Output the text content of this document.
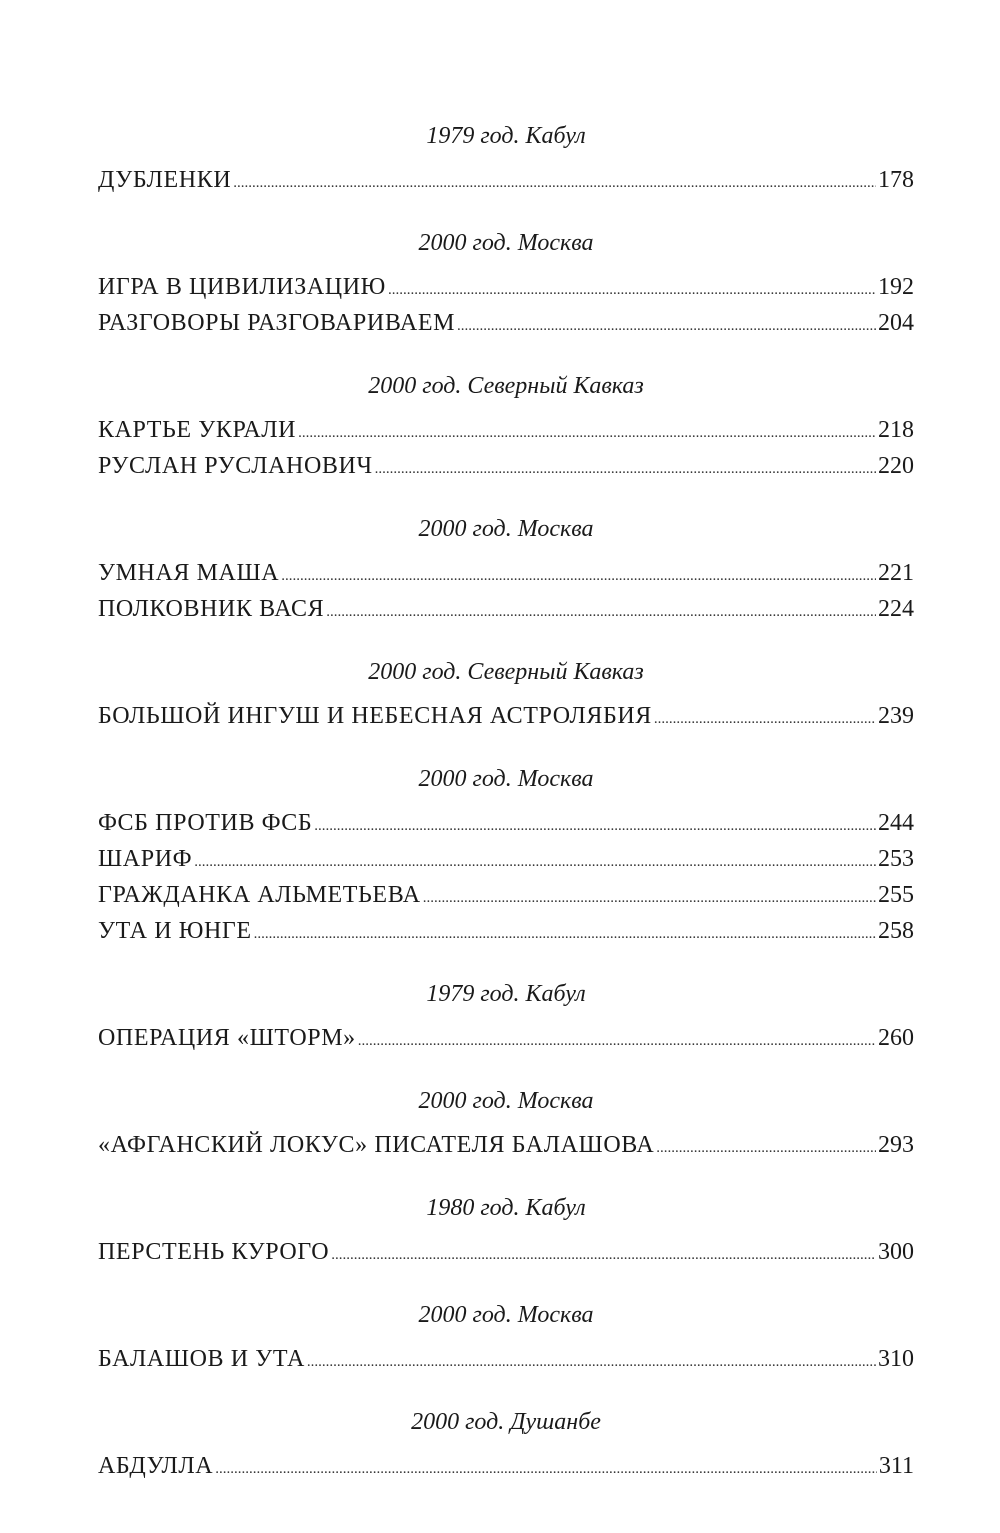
1979 год. Кабул
ДУБЛЕНКИ .....	178
2000 год. Москва
ИГРА В ЦИВИЛИЗАЦИЮ .....	192
РАЗГОВОРЫ РАЗГОВАРИВАЕМ .....	204
2000 год. Северный Кавказ
КАРТЬЕ УКРАЛИ .....	218
РУСЛАН РУСЛАНОВИЧ .....	220
2000 год. Москва
УМНАЯ МАША .....	221
ПОЛКОВНИК ВАСЯ .....	224
2000 год. Северный Кавказ
БОЛЬШОЙ ИНГУШ И НЕБЕСНАЯ АСТРОЛЯБИЯ .....	239
2000 год. Москва
ФСБ ПРОТИВ ФСБ .....	244
ШАРИФ .....	253
ГРАЖДАНКА АЛЬМЕТЬЕВА .....	255
УТА И ЮНГЕ .....	258
1979 год. Кабул
ОПЕРАЦИЯ «ШТОРМ» .....	260
2000 год. Москва
«АФГАНСКИЙ ЛОКУС» ПИСАТЕЛЯ БАЛАШОВА .....	293
1980 год. Кабул
ПЕРСТЕНЬ КУРОГО .....	300
2000 год. Москва
БАЛАШОВ И УТА .....	310
2000 год. Душанбе
АБДУЛЛА .....	311
